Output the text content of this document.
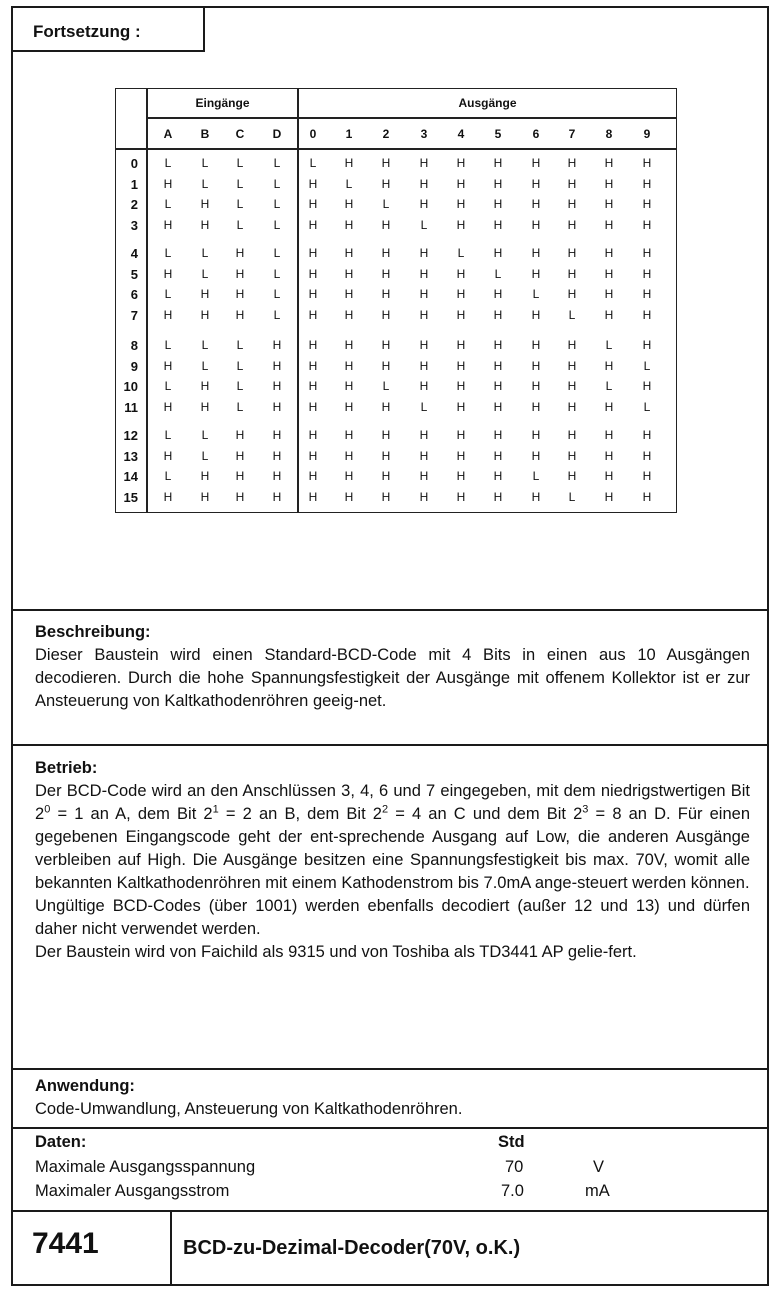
Fortsetzung :
Eingänge	Ausgänge
A	B	C	D	0	1	2	3	4	5	6	7	8	9
0	L	L	L	L	L	H	H	H	H	H	H	H	H	H
1	H	L	L	L	H	L	H	H	H	H	H	H	H	H
2	L	H	L	L	H	H	L	H	H	H	H	H	H	H
3	H	H	L	L	H	H	H	L	H	H	H	H	H	H
4	L	L	H	L	H	H	H	H	L	H	H	H	H	H
5	H	L	H	L	H	H	H	H	H	L	H	H	H	H
6	L	H	H	L	H	H	H	H	H	H	L	H	H	H
7	H	H	H	L	H	H	H	H	H	H	H	L	H	H
8	L	L	L	H	H	H	H	H	H	H	H	H	L	H
9	H	L	L	H	H	H	H	H	H	H	H	H	H	L
10	L	H	L	H	H	H	L	H	H	H	H	H	L	H
11	H	H	L	H	H	H	H	L	H	H	H	H	H	L
12	L	L	H	H	H	H	H	H	H	H	H	H	H	H
13	H	L	H	H	H	H	H	H	H	H	H	H	H	H
14	L	H	H	H	H	H	H	H	H	H	L	H	H	H
15	H	H	H	H	H	H	H	H	H	H	H	L	H	H
Beschreibung:

Dieser Baustein wird einen Standard-BCD-Code mit 4 Bits in einen aus 10 Ausgängen decodieren. Durch die hohe Spannungsfestigkeit der Ausgänge mit offenem Kollektor ist er zur Ansteuerung von Kaltkathodenröhren geeig-net.

Betrieb:

Der BCD-Code wird an den Anschlüssen 3, 4, 6 und 7 eingegeben, mit dem niedrigstwertigen Bit $2^0 = 1$ an A, dem Bit $2^1 = 2$ an B, dem Bit $2^2 = 4$ an C und dem Bit $2^3 = 8$ an D. Für einen gegebenen Eingangscode geht der ent-sprechende Ausgang auf Low, die anderen Ausgänge verbleiben auf High. Die Ausgänge besitzen eine Spannungsfestigkeit bis max. 70V, womit alle bekannten Kaltkathodenröhren mit einem Kathodenstrom bis 7.0mA ange-steuert werden können.

Ungültige BCD-Codes (über 1001) werden ebenfalls decodiert (außer 12 und 13) und dürfen daher nicht verwendet werden.

Der Baustein wird von Faichild als 9315 und von Toshiba als TD3441 AP gelie-fert.

Anwendung:

Code-Umwandlung, Ansteuerung von Kaltkathodenröhren.

Daten:	Std
Maximale Ausgangsspannung	70	V
Maximaler Ausgangsstrom	7.0	mA
7441	BCD-zu-Dezimal-Decoder(70V, o.K.)
